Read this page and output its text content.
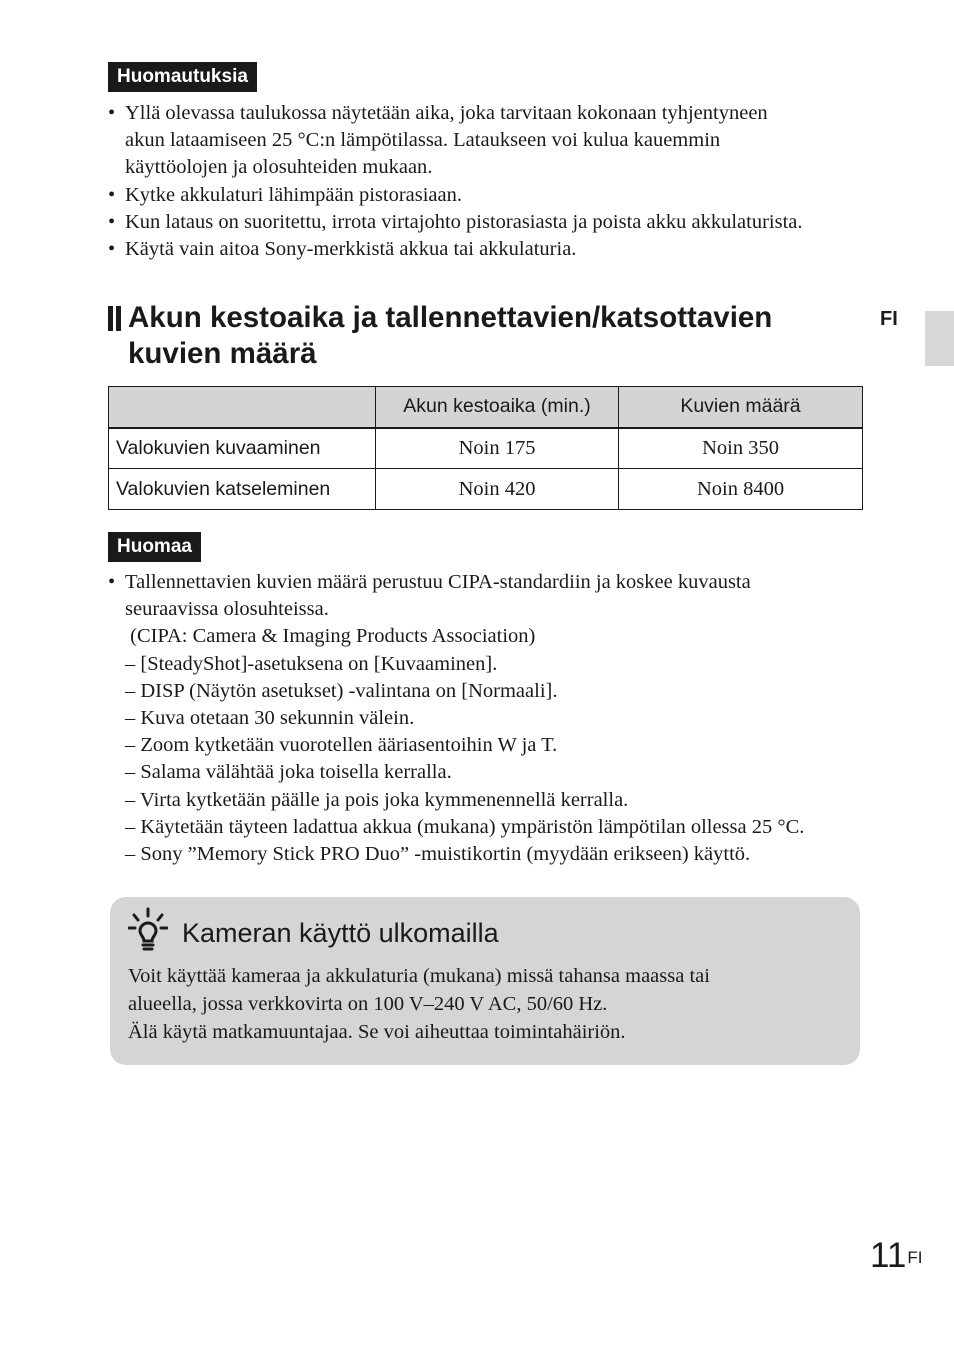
Huomautuksia
• Yllä olevassa taulukossa näytetään aika, joka tarvitaan kokonaan tyhjentyneen
akun lataamiseen 25 °C:n lämpötilassa. Lataukseen voi kulua kauemmin
käyttöolojen ja olosuhteiden mukaan.
• Kytke akkulaturi lähimpään pistorasiaan.
• Kun lataus on suoritettu, irrota virtajohto pistorasiasta ja poista akku akkulaturista.
• Käytä vain aitoa Sony-merkkistä akkua tai akkulaturia.
Akun kestoaika ja tallennettavien/katsottavien
kuvien määrä
FI
	Akun kestoaika (min.)	Kuvien määrä
Valokuvien kuvaaminen	Noin 175	Noin 350
Valokuvien katseleminen	Noin 420	Noin 8400
Huomaa
• Tallennettavien kuvien määrä perustuu CIPA-standardiin ja koskee kuvausta
seuraavissa olosuhteissa.
(CIPA: Camera & Imaging Products Association)
– [SteadyShot]-asetuksena on [Kuvaaminen].
– DISP (Näytön asetukset) -valintana on [Normaali].
– Kuva otetaan 30 sekunnin välein.
– Zoom kytketään vuorotellen ääriasentoihin W ja T.
– Salama välähtää joka toisella kerralla.
– Virta kytketään päälle ja pois joka kymmenennellä kerralla.
– Käytetään täyteen ladattua akkua (mukana) ympäristön lämpötilan ollessa 25 °C.
– Sony ”Memory Stick PRO Duo” -muistikortin (myydään erikseen) käyttö.
Kameran käyttö ulkomailla
Voit käyttää kameraa ja akkulaturia (mukana) missä tahansa maassa tai
alueella, jossa verkkovirta on 100 V–240 V AC, 50/60 Hz.
Älä käytä matkamuuntajaa. Se voi aiheuttaa toimintahäiriön.
$11^{FI}$
